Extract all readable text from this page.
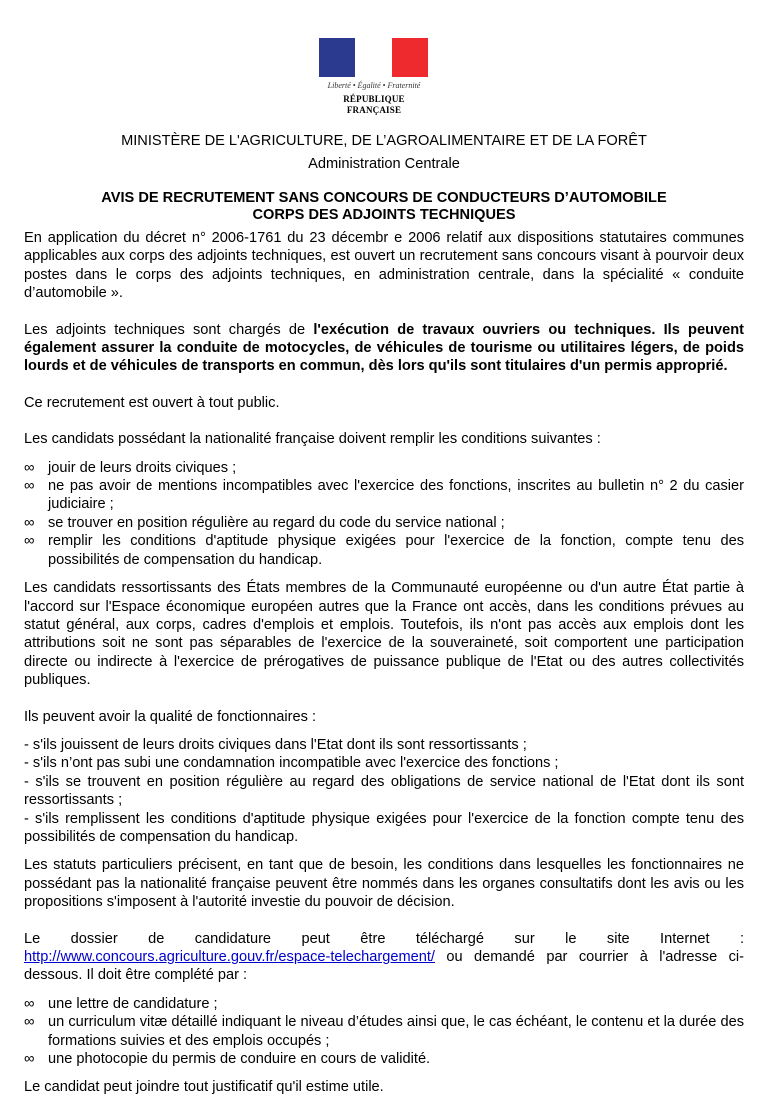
Liberté • Égalité • Fraternité
RÉPUBLIQUE FRANÇAISE
MINISTÈRE DE L'AGRICULTURE, DE L’AGROALIMENTAIRE ET DE LA FORÊT
Administration Centrale
AVIS DE RECRUTEMENT SANS CONCOURS DE CONDUCTEURS D’AUTOMOBILE
CORPS DES ADJOINTS TECHNIQUES

En application du décret n° 2006-1761 du 23 décembr e 2006 relatif aux dispositions statutaires communes applicables aux corps des adjoints techniques, est ouvert un recrutement sans concours visant à pourvoir deux postes dans le corps des adjoints techniques, en administration centrale, dans la spécialité « conduite d’automobile ».

Les adjoints techniques sont chargés de l'exécution de travaux ouvriers ou techniques. Ils peuvent également assurer la conduite de motocycles, de véhicules de tourisme ou utilitaires légers, de poids lourds et de véhicules de transports en commun, dès lors qu'ils sont titulaires d'un permis approprié.

Ce recrutement est ouvert à tout public.

Les candidats possédant la nationalité française doivent remplir les conditions suivantes :

∞ jouir de leurs droits civiques ;
∞ ne pas avoir de mentions incompatibles avec l'exercice des fonctions, inscrites au bulletin n° 2 du casier judiciaire ;
∞ se trouver en position régulière au regard du code du service national ;
∞ remplir les conditions d'aptitude physique exigées pour l'exercice de la fonction, compte tenu des possibilités de compensation du handicap.

Les candidats ressortissants des États membres de la Communauté européenne ou d'un autre État partie à l'accord sur l'Espace économique européen autres que la France ont accès, dans les conditions prévues au statut général, aux corps, cadres d'emplois et emplois. Toutefois, ils n'ont pas accès aux emplois dont les attributions soit ne sont pas séparables de l'exercice de la souveraineté, soit comportent une participation directe ou indirecte à l'exercice de prérogatives de puissance publique de l'Etat ou des autres collectivités publiques.

Ils peuvent avoir la qualité de fonctionnaires :

- s'ils jouissent de leurs droits civiques dans l'Etat dont ils sont ressortissants ;
- s'ils n’ont pas subi une condamnation incompatible avec l'exercice des fonctions ;
- s'ils se trouvent en position régulière au regard des obligations de service national de l'Etat dont ils sont ressortissants ;
- s'ils remplissent les conditions d'aptitude physique exigées pour l'exercice de la fonction compte tenu des possibilités de compensation du handicap.

Les statuts particuliers précisent, en tant que de besoin, les conditions dans lesquelles les fonctionnaires ne possédant pas la nationalité française peuvent être nommés dans les organes consultatifs dont les avis ou les propositions s'imposent à l'autorité investie du pouvoir de décision.

Le dossier de candidature peut être téléchargé sur le site Internet : http://www.concours.agriculture.gouv.fr/espace-telechargement/ ou demandé par courrier à l'adresse ci-dessous. Il doit être complété par :

∞ une lettre de candidature ;
∞ un curriculum vitæ détaillé indiquant le niveau d’études ainsi que, le cas échéant, le contenu et la durée des formations suivies et des emplois occupés ;
∞ une photocopie du permis de conduire en cours de validité.

Le candidat peut joindre tout justificatif qu'il estime utile.
